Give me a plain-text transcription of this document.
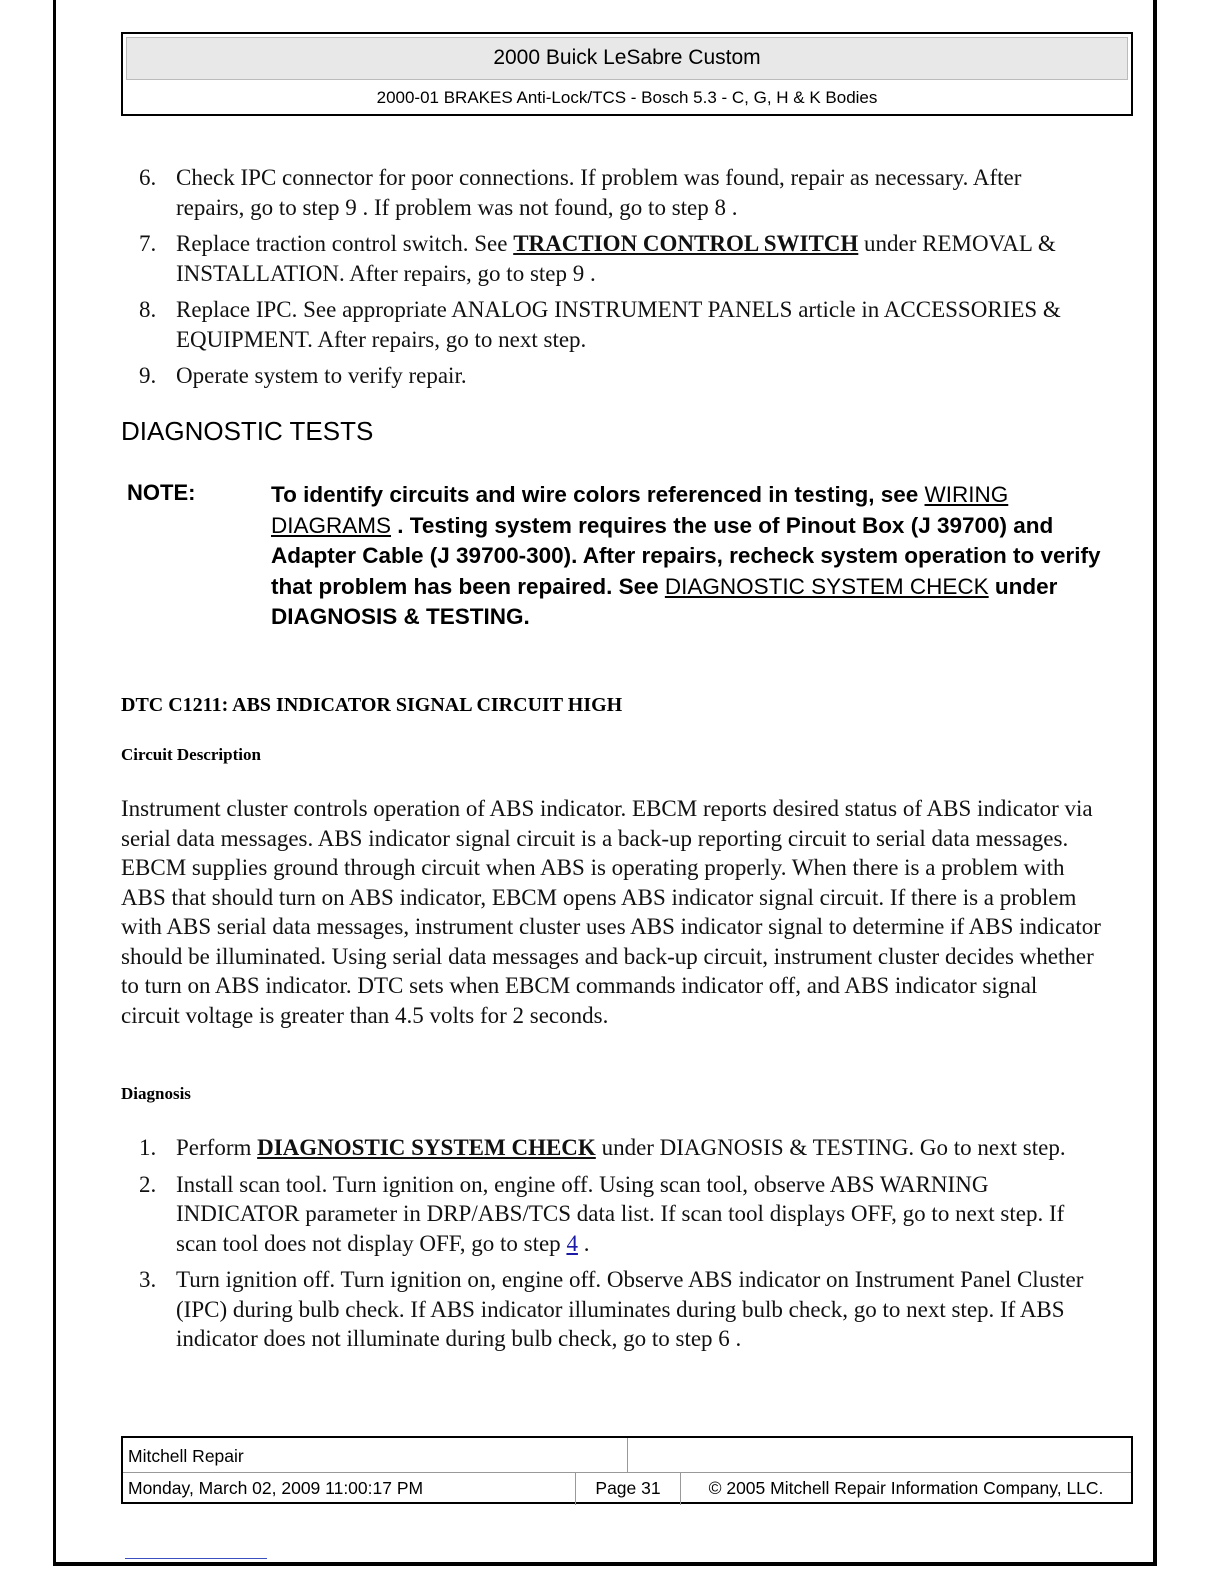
2000 Buick LeSabre Custom
2000-01 BRAKES Anti-Lock/TCS - Bosch 5.3 - C, G, H & K Bodies
6. Check IPC connector for poor connections. If problem was found, repair as necessary. After repairs, go to step 9 . If problem was not found, go to step 8 .
7. Replace traction control switch. See TRACTION CONTROL SWITCH under REMOVAL & INSTALLATION. After repairs, go to step 9 .
8. Replace IPC. See appropriate ANALOG INSTRUMENT PANELS article in ACCESSORIES & EQUIPMENT. After repairs, go to next step.
9. Operate system to verify repair.
DIAGNOSTIC TESTS
NOTE:	To identify circuits and wire colors referenced in testing, see WIRING DIAGRAMS . Testing system requires the use of Pinout Box (J 39700) and Adapter Cable (J 39700-300). After repairs, recheck system operation to verify that problem has been repaired. See DIAGNOSTIC SYSTEM CHECK under DIAGNOSIS & TESTING.
DTC C1211: ABS INDICATOR SIGNAL CIRCUIT HIGH
Circuit Description
Instrument cluster controls operation of ABS indicator. EBCM reports desired status of ABS indicator via serial data messages. ABS indicator signal circuit is a back-up reporting circuit to serial data messages. EBCM supplies ground through circuit when ABS is operating properly. When there is a problem with ABS that should turn on ABS indicator, EBCM opens ABS indicator signal circuit. If there is a problem with ABS serial data messages, instrument cluster uses ABS indicator signal to determine if ABS indicator should be illuminated. Using serial data messages and back-up circuit, instrument cluster decides whether to turn on ABS indicator. DTC sets when EBCM commands indicator off, and ABS indicator signal circuit voltage is greater than 4.5 volts for 2 seconds.
Diagnosis
1. Perform DIAGNOSTIC SYSTEM CHECK under DIAGNOSIS & TESTING. Go to next step.
2. Install scan tool. Turn ignition on, engine off. Using scan tool, observe ABS WARNING INDICATOR parameter in DRP/ABS/TCS data list. If scan tool displays OFF, go to next step. If scan tool does not display OFF, go to step 4 .
3. Turn ignition off. Turn ignition on, engine off. Observe ABS indicator on Instrument Panel Cluster (IPC) during bulb check. If ABS indicator illuminates during bulb check, go to next step. If ABS indicator does not illuminate during bulb check, go to step 6 .
Mitchell Repair
Monday, March 02, 2009 11:00:17 PM	Page 31	© 2005 Mitchell Repair Information Company, LLC.
